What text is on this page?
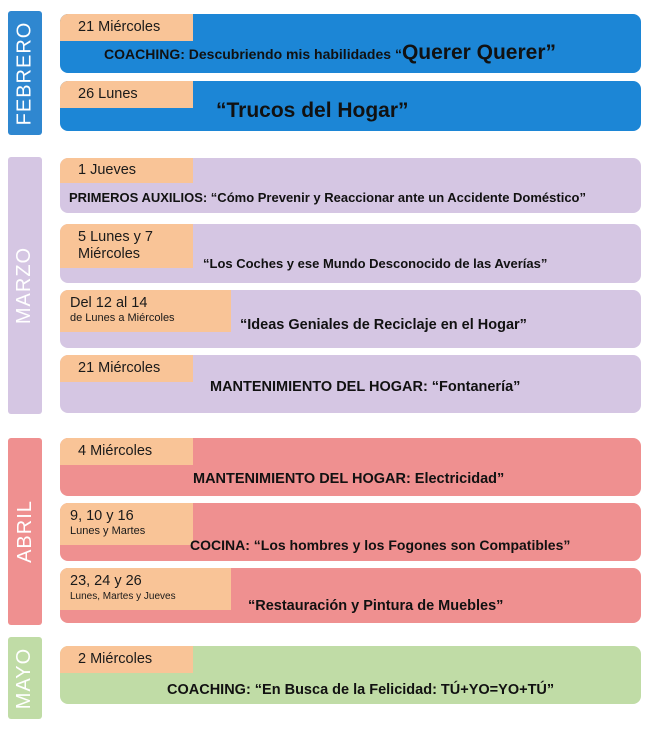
FEBRERO
MARZO
ABRIL
MAYO
21 Miércoles
COACHING: Descubriendo mis habilidades “Querer Querer”
26 Lunes
“Trucos del Hogar”
1 Jueves
PRIMEROS AUXILIOS: “Cómo Prevenir y Reaccionar ante un Accidente Doméstico”
5 Lunes y 7
Miércoles
“Los Coches y ese Mundo Desconocido de las Averías”
Del 12 al 14
de Lunes a Miércoles	“Ideas Geniales de Reciclaje en el Hogar”
21 Miércoles
MANTENIMIENTO DEL HOGAR: “Fontanería”
4 Miércoles
MANTENIMIENTO DEL HOGAR: Electricidad”
9, 10 y 16
Lunes y Martes
COCINA: “Los hombres y los Fogones son Compatibles”
23, 24 y 26
Lunes, Martes y Jueves
“Restauración y Pintura de Muebles”
2 Miércoles
COACHING: “En Busca de la Felicidad: TÚ+YO=YO+TÚ”
